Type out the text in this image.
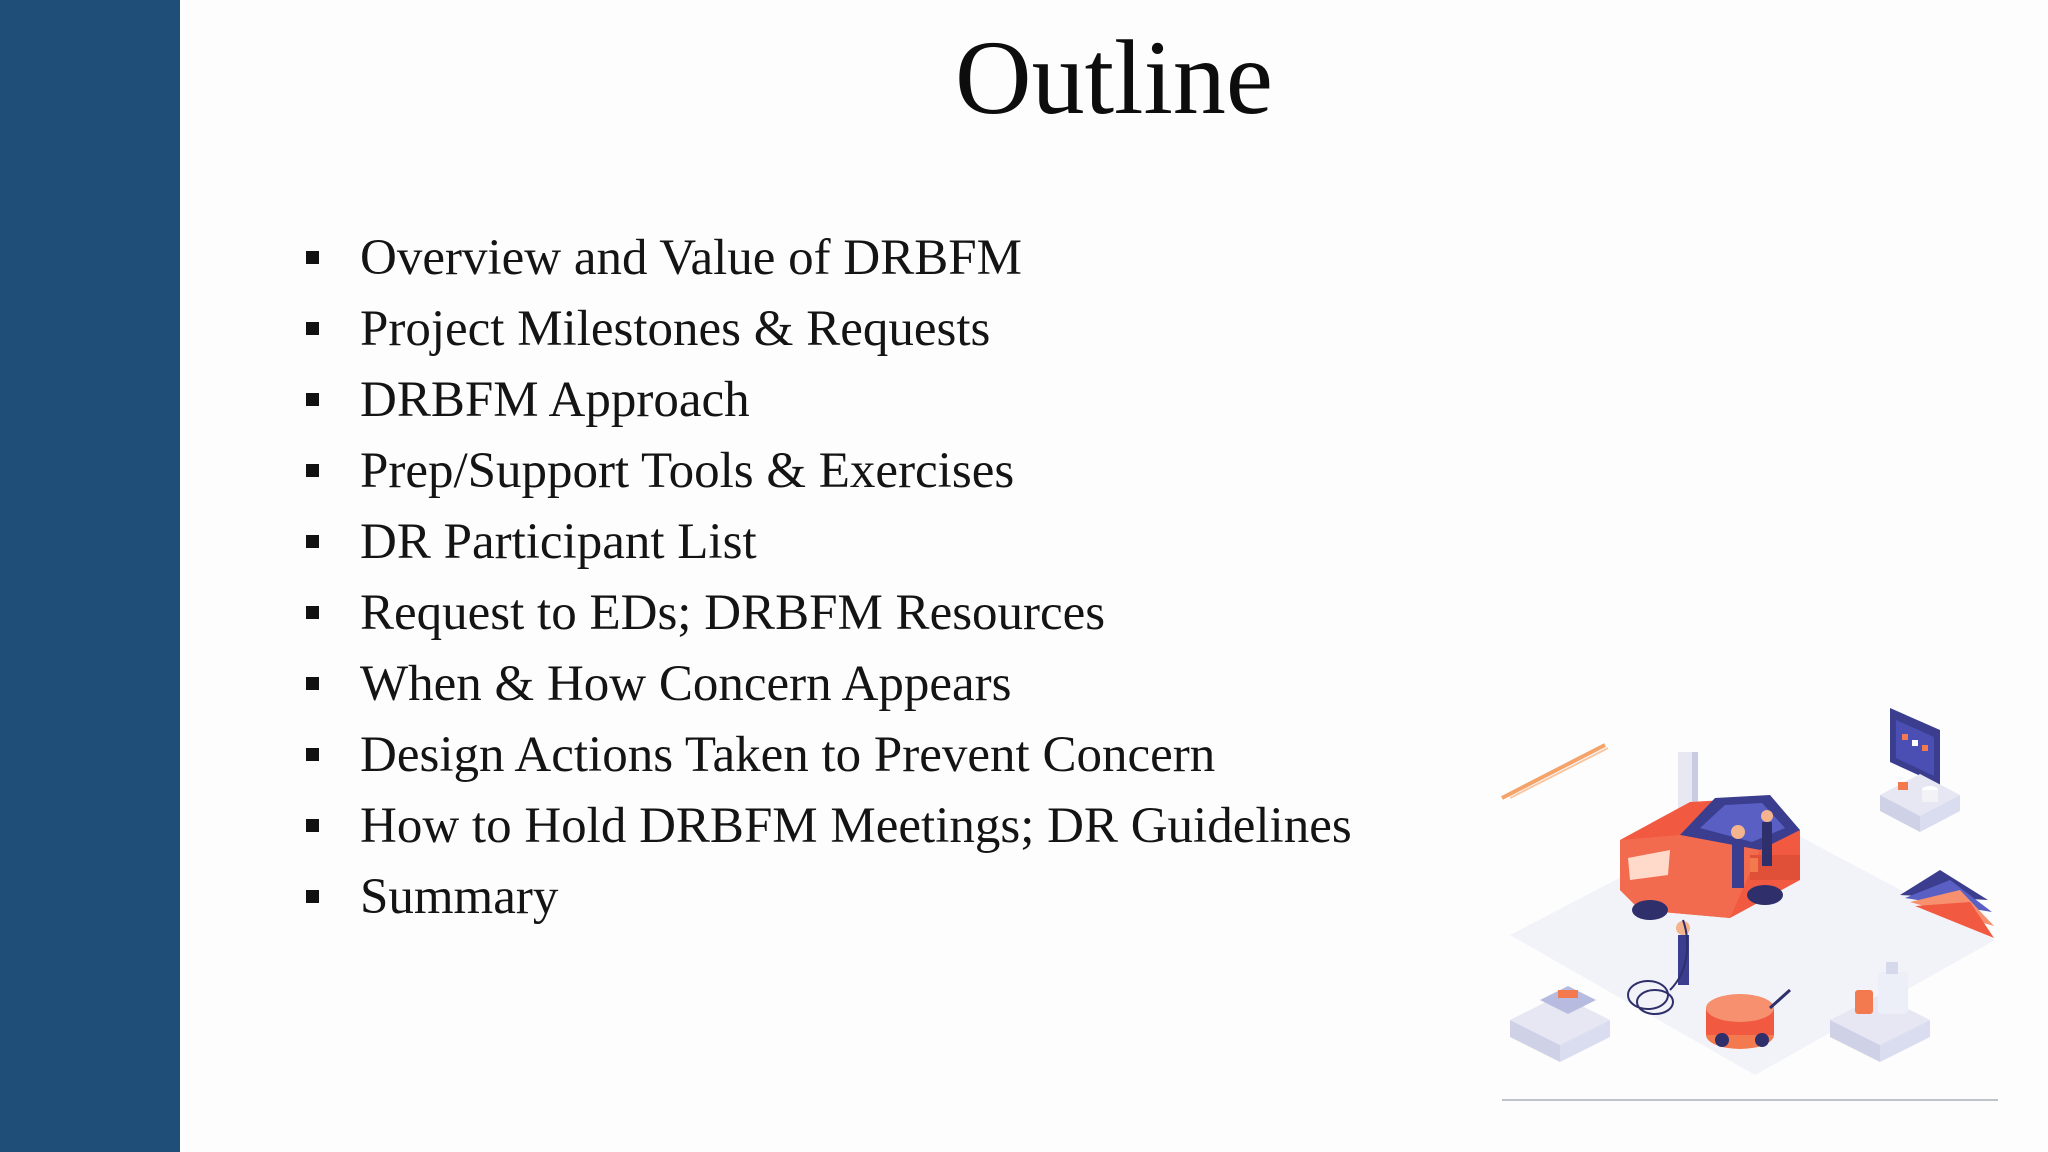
Outline
Overview and Value of DRBFM
Project Milestones & Requests
DRBFM Approach
Prep/Support Tools & Exercises
DR Participant List
Request to EDs; DRBFM Resources
When & How Concern Appears
Design Actions Taken to Prevent Concern
How to Hold DRBFM Meetings; DR Guidelines
Summary
